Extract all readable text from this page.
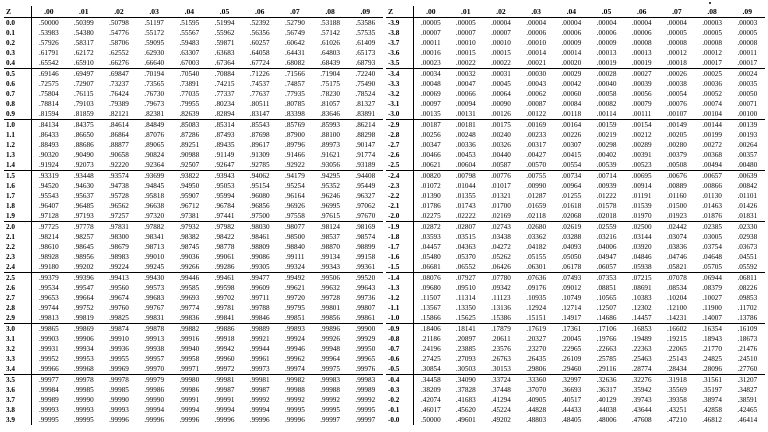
Z	.00	.01	.02	.03	.04	.05	.06	.07	.08	.09
0.0	.50000	.50399	.50798	.51197	.51595	.51994	.52392	.52790	.53188	.53586
0.1	.53983	.54380	.54776	.55172	.55567	.55962	.56356	.56749	.57142	.57535
0.2	.57926	.58317	.58706	.59095	.59483	.59871	.60257	.60642	.61026	.61409
0.3	.61791	.62172	.62552	.62930	.63307	.63683	.64058	.64431	.64803	.65173
0.4	.65542	.65910	.66276	.66640	.67003	.67364	.67724	.68082	.68439	.68793
0.5	.69146	.69497	.69847	.70194	.70540	.70884	.71226	.71566	.71904	.72240
0.6	.72575	.72907	.73237	.73565	.73891	.74215	.74537	.74857	.75175	.75490
0.7	.75804	.76115	.76424	.76730	.77035	.77337	.77637	.77935	.78230	.78524
0.8	.78814	.79103	.79389	.79673	.79955	.80234	.80511	.80785	.81057	.81327
0.9	.81594	.81859	.82121	.82381	.82639	.82894	.83147	.83398	.83646	.83891
1.0	.84134	.84375	.84614	.84849	.85083	.85314	.85543	.85769	.85993	.86214
1.1	.86433	.86650	.86864	.87076	.87286	.87493	.87698	.87900	.88100	.88298
1.2	.88493	.88686	.88877	.89065	.89251	.89435	.89617	.89796	.89973	.90147
1.3	.90320	.90490	.90658	.90824	.90988	.91149	.91309	.91466	.91621	.91774
1.4	.91924	.92073	.92220	.92364	.92507	.92647	.92785	.92922	.93056	.93189
1.5	.93319	.93448	.93574	.93699	.93822	.93943	.94062	.94179	.94295	.94408
1.6	.94520	.94630	.94738	.94845	.94950	.95053	.95154	.95254	.95352	.95449
1.7	.95543	.95637	.95728	.95818	.95907	.95994	.96080	.96164	.96246	.96327
1.8	.96407	.96485	.96562	.96638	.96712	.96784	.96856	.96926	.96995	.97062
1.9	.97128	.97193	.97257	.97320	.97381	.97441	.97500	.97558	.97615	.97670
2.0	.97725	.97778	.97831	.97882	.97932	.97982	.98030	.98077	.98124	.98169
2.1	.98214	.98257	.98300	.98341	.98382	.98422	.98461	.98500	.98537	.98574
2.2	.98610	.98645	.98679	.98713	.98745	.98778	.98809	.98840	.98870	.98899
2.3	.98928	.98956	.98983	.99010	.99036	.99061	.99086	.99111	.99134	.99158
2.4	.99180	.99202	.99224	.99245	.99266	.99286	.99305	.99324	.99343	.99361
2.5	.99379	.99396	.99413	.99430	.99446	.99461	.99477	.99492	.99506	.99520
2.6	.99534	.99547	.99560	.99573	.99585	.99598	.99609	.99621	.99632	.99643
2.7	.99653	.99664	.99674	.99683	.99693	.99702	.99711	.99720	.99728	.99736
2.8	.99744	.99752	.99760	.99767	.99774	.99781	.99788	.99795	.99801	.99807
2.9	.99813	.99819	.99825	.99831	.99836	.99841	.99846	.99851	.99856	.99861
3.0	.99865	.99869	.99874	.99878	.99882	.99886	.99889	.99893	.99896	.99900
3.1	.99903	.99906	.99910	.99913	.99916	.99918	.99921	.99924	.99926	.99929
3.2	.99931	.99934	.99936	.99938	.99940	.99942	.99944	.99946	.99948	.99950
3.3	.99952	.99953	.99955	.99957	.99958	.99960	.99961	.99962	.99964	.99965
3.4	.99966	.99968	.99969	.99970	.99971	.99972	.99973	.99974	.99975	.99976
3.5	.99977	.99978	.99978	.99979	.99980	.99981	.99981	.99982	.99983	.99983
3.6	.99984	.99985	.99985	.99986	.99986	.99987	.99987	.99988	.99988	.99989
3.7	.99989	.99990	.99990	.99990	.99991	.99991	.99992	.99992	.99992	.99992
3.8	.99993	.99993	.99993	.99994	.99994	.99994	.99994	.99995	.99995	.99995
3.9	.99995	.99995	.99996	.99996	.99996	.99996	.99996	.99996	.99997	.99997
Z	.00	.01	.02	.03	.04	.05	.06	.07	.08	.09
-3.9	.00005	.00005	.00004	.00004	.00004	.00004	.00004	.00004	.00003	.00003
-3.8	.00007	.00007	.00007	.00006	.00006	.00006	.00006	.00005	.00005	.00005
-3.7	.00011	.00010	.00010	.00010	.00009	.00009	.00008	.00008	.00008	.00008
-3.6	.00016	.00015	.00015	.00014	.00014	.00013	.00013	.00012	.00012	.00011
-3.5	.00023	.00022	.00022	.00021	.00020	.00019	.00019	.00018	.00017	.00017
-3.4	.00034	.00032	.00031	.00030	.00029	.00028	.00027	.00026	.00025	.00024
-3.3	.00048	.00047	.00045	.00043	.00042	.00040	.00039	.00038	.00036	.00035
-3.2	.00069	.00066	.00064	.00062	.00060	.00058	.00056	.00054	.00052	.00050
-3.1	.00097	.00094	.00090	.00087	.00084	.00082	.00079	.00076	.00074	.00071
-3.0	.00135	.00131	.00126	.00122	.00118	.00114	.00111	.00107	.00104	.00100
-2.9	.00187	.00181	.00175	.00169	.00164	.00159	.00154	.00149	.00144	.00139
-2.8	.00256	.00248	.00240	.00233	.00226	.00219	.00212	.00205	.00199	.00193
-2.7	.00347	.00336	.00326	.00317	.00307	.00298	.00289	.00280	.00272	.00264
-2.6	.00466	.00453	.00440	.00427	.00415	.00402	.00391	.00379	.00368	.00357
-2.5	.00621	.00604	.00587	.00570	.00554	.00539	.00523	.00508	.00494	.00480
-2.4	.00820	.00798	.00776	.00755	.00734	.00714	.00695	.00676	.00657	.00639
-2.3	.01072	.01044	.01017	.00990	.00964	.00939	.00914	.00889	.00866	.00842
-2.2	.01390	.01355	.01321	.01287	.01255	.01222	.01191	.01160	.01130	.01101
-2.1	.01786	.01743	.01700	.01659	.01618	.01578	.01539	.01500	.01463	.01426
-2.0	.02275	.02222	.02169	.02118	.02068	.02018	.01970	.01923	.01876	.01831
-1.9	.02872	.02807	.02743	.02680	.02619	.02559	.02500	.02442	.02385	.02330
-1.8	.03593	.03515	.03438	.03362	.03288	.03216	.03144	.03074	.03005	.02938
-1.7	.04457	.04363	.04272	.04182	.04093	.04006	.03920	.03836	.03754	.03673
-1.6	.05480	.05370	.05262	.05155	.05050	.04947	.04846	.04746	.04648	.04551
-1.5	.06681	.06552	.06426	.06301	.06178	.06057	.05938	.05821	.05705	.05592
-1.4	.08076	.07927	.07780	.07636	.07493	.07353	.07215	.07078	.06944	.06811
-1.3	.09680	.09510	.09342	.09176	.09012	.08851	.08691	.08534	.08379	.08226
-1.2	.11507	.11314	.11123	.10935	.10749	.10565	.10383	.10204	.10027	.09853
-1.1	.13567	.13350	.13136	.12924	.12714	.12507	.12302	.12100	.11900	.11702
-1.0	.15866	.15625	.15386	.15151	.14917	.14686	.14457	.14231	.14007	.13786
-0.9	.18406	.18141	.17879	.17619	.17361	.17106	.16853	.16602	.16354	.16109
-0.8	.21186	.20897	.20611	.20327	.20045	.19766	.19489	.19215	.18943	.18673
-0.7	.24196	.23885	.23576	.23270	.22965	.22663	.22363	.22065	.21770	.21476
-0.6	.27425	.27093	.26763	.26435	.26109	.25785	.25463	.25143	.24825	.24510
-0.5	.30854	.30503	.30153	.29806	.29460	.29116	.28774	.28434	.28096	.27760
-0.4	.34458	.34090	.33724	.33360	.32997	.32636	.32276	.31918	.31561	.31207
-0.3	.38209	.37828	.37448	.37070	.36693	.36317	.35942	.35569	.35197	.34827
-0.2	.42074	.41683	.41294	.40905	.40517	.40129	.39743	.39358	.38974	.38591
-0.1	.46017	.45620	.45224	.44828	.44433	.44038	.43644	.43251	.42858	.42465
-0.0	.50000	.49601	.49202	.48803	.48405	.48006	.47608	.47210	.46812	.46414
